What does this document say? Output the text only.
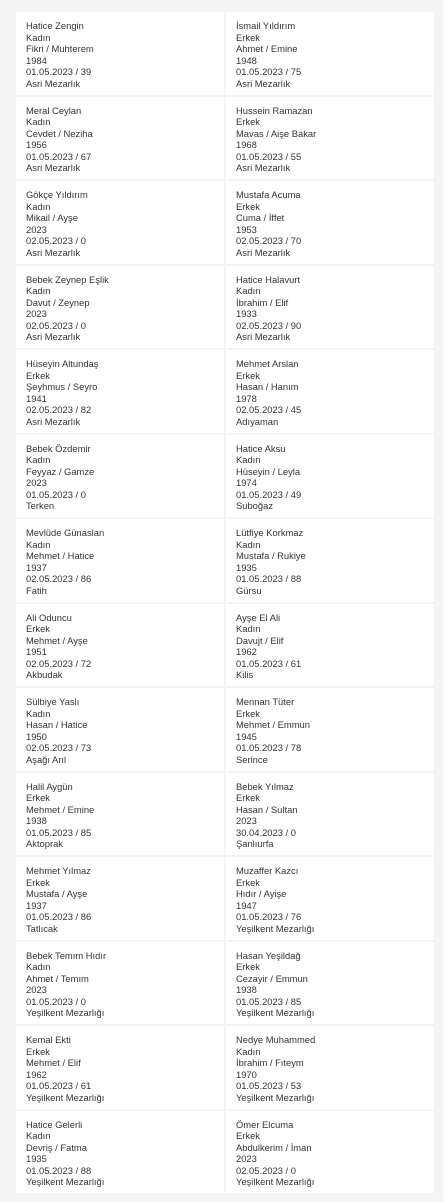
Hatice Zengin
Kadın
Fikri / Muhterem
1984
01.05.2023 / 39
Asri Mezarlık
İsmail Yıldırım
Erkek
Ahmet / Emine
1948
01.05.2023 / 75
Asri Mezarlık
Meral Ceylan
Kadın
Cevdet / Neziha
1956
01.05.2023 / 67
Asri Mezarlık
Hussein Ramazan
Erkek
Mavas / Aişe Bakar
1968
01.05.2023 / 55
Asri Mezarlık
Gökçe Yıldırım
Kadın
Mikail / Ayşe
2023
02.05.2023 / 0
Asri Mezarlık
Mustafa Acuma
Erkek
Cuma / İffet
1953
02.05.2023 / 70
Asri Mezarlık
Bebek Zeynep Eşlik
Kadın
Davut / Zeynep
2023
02.05.2023 / 0
Asri Mezarlık
Hatice Halavurt
Kadın
İbrahim / Elif
1933
02.05.2023 / 90
Asri Mezarlık
Hüseyin Altundaş
Erkek
Şeyhmus / Seyro
1941
02.05.2023 / 82
Asri Mezarlık
Mehmet Arslan
Erkek
Hasan / Hanım
1978
02.05.2023 / 45
Adıyaman
Bebek Özdemir
Kadın
Feyyaz / Gamze
2023
01.05.2023 / 0
Terken
Hatice Aksu
Kadın
Hüseyin / Leyla
1974
01.05.2023 / 49
Suboğaz
Mevlüde Günaslan
Kadın
Mehmet / Hatice
1937
02.05.2023 / 86
Fatih
Lütfiye Korkmaz
Kadın
Mustafa / Rukiye
1935
01.05.2023 / 88
Gürsu
Ali Oduncu
Erkek
Mehmet / Ayşe
1951
02.05.2023 / 72
Akbudak
Ayşe El Ali
Kadın
Davujt / Elif
1962
01.05.2023 / 61
Kilis
Sülbiye Yaslı
Kadın
Hasan / Hatice
1950
02.05.2023 / 73
Aşağı Arıl
Mennan Tüter
Erkek
Mehmet / Emmun
1945
01.05.2023 / 78
Serince
Halil Aygün
Erkek
Mehmet / Emine
1938
01.05.2023 / 85
Aktoprak
Bebek Yılmaz
Erkek
Hasan / Sultan
2023
30.04.2023 / 0
Şanlıurfa
Mehmet Yılmaz
Erkek
Mustafa / Ayşe
1937
01.05.2023 / 86
Tatlıcak
Muzaffer Kazcı
Erkek
Hıdır / Ayişe
1947
01.05.2023 / 76
Yeşilkent Mezarlığı
Bebek Temım Hıdır
Kadın
Ahmet / Temım
2023
01.05.2023 / 0
Yeşilkent Mezarlığı
Hasan Yeşildağ
Erkek
Cezayir / Emmun
1938
01.05.2023 / 85
Yeşilkent Mezarlığı
Kemal Ekti
Erkek
Mehmet / Elif
1962
01.05.2023 / 61
Yeşilkent Mezarlığı
Nedye Muhammed
Kadın
İbrahim / Fıteym
1970
01.05.2023 / 53
Yeşilkent Mezarlığı
Hatice Gelerli
Kadın
Devriş / Fatma
1935
01.05.2023 / 88
Yeşilkent Mezarlığı
Ömer Elcuma
Erkek
Abdulkerim / İman
2023
02.05.2023 / 0
Yeşilkent Mezarlığı
